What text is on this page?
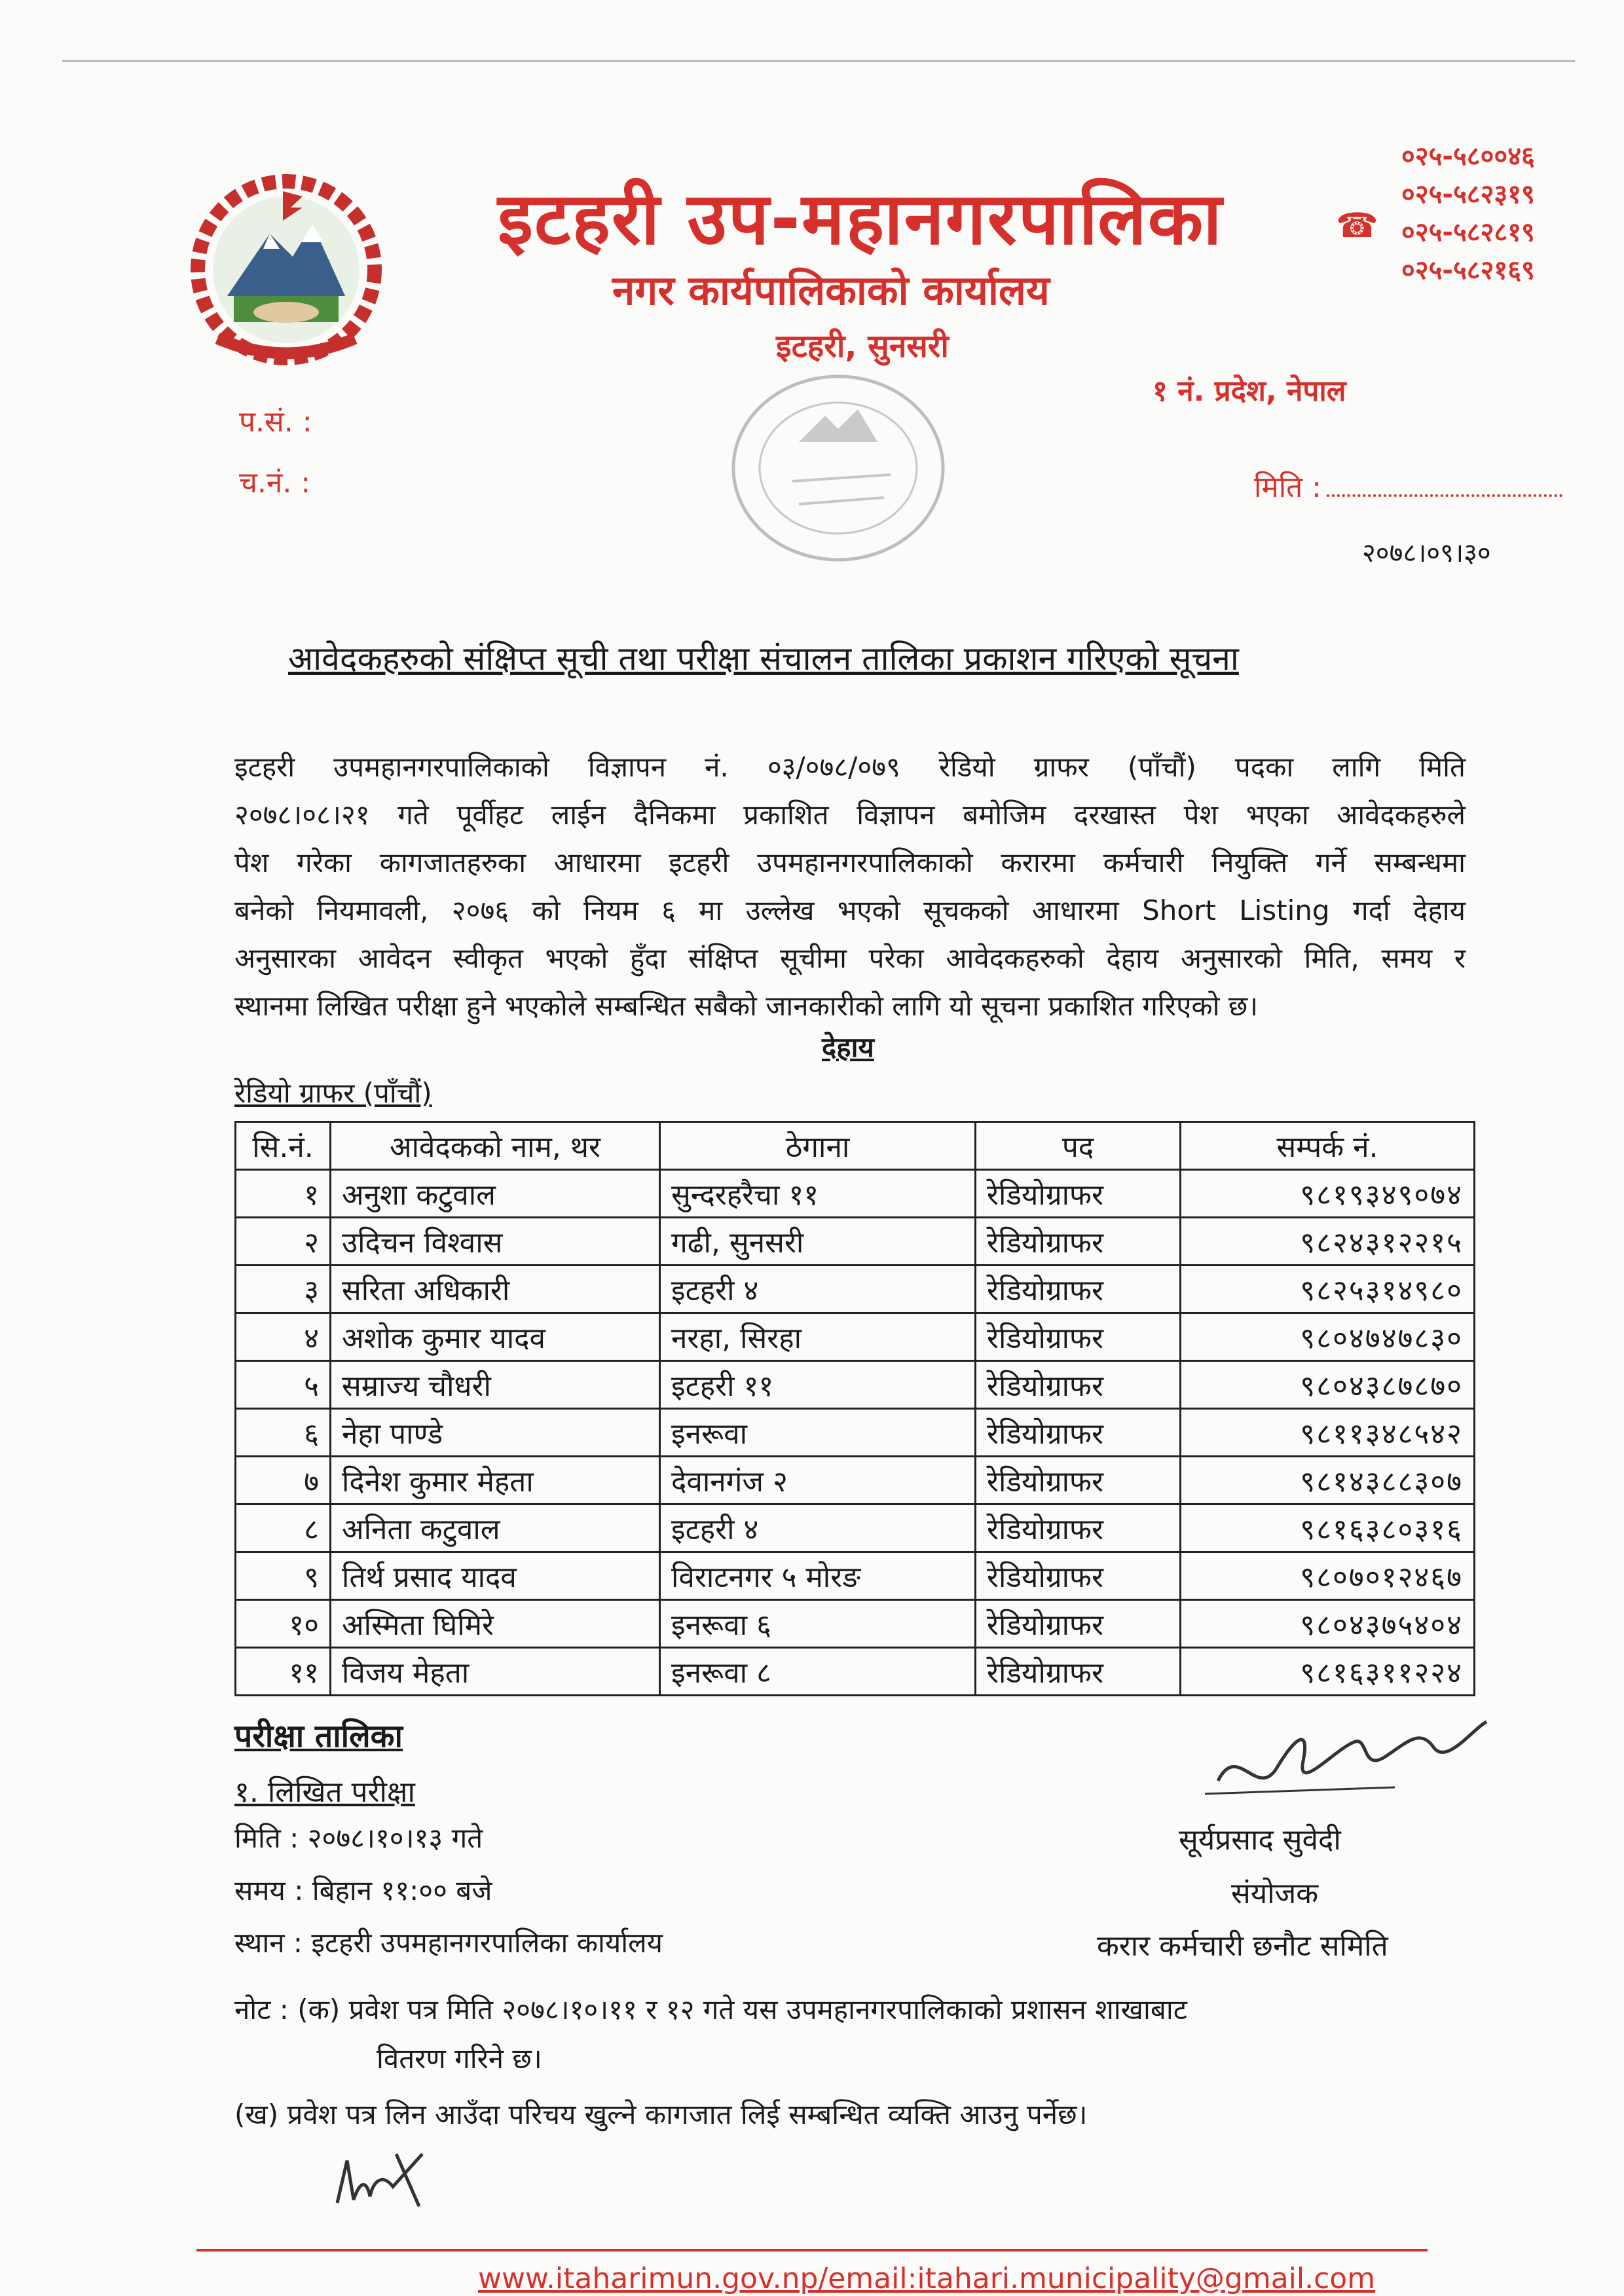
इटहरी उप-महानगरपालिका
नगर कार्यपालिकाको कार्यालय
इटहरी, सुनसरी
☎
०२५-५८००४६
०२५-५८२३१९
०२५-५८२८१९
०२५-५८२१६९
१ नं. प्रदेश, नेपाल
प.सं. :
च.नं. :	मिति :
२०७८।०९।३०
आवेदकहरुको संक्षिप्त सूची तथा परीक्षा संचालन तालिका प्रकाशन गरिएको सूचना
इटहरी उपमहानगरपालिकाको विज्ञापन नं. ०३/०७८/०७९ रेडियो ग्राफर (पाँचौं) पदका लागि मिति
२०७८।०८।२१ गते पूर्वीहट लाईन दैनिकमा प्रकाशित विज्ञापन बमोजिम दरखास्त पेश भएका आवेदकहरुले
पेश गरेका कागजातहरुका आधारमा इटहरी उपमहानगरपालिकाको करारमा कर्मचारी नियुक्ति गर्ने सम्बन्धमा
बनेको नियमावली, २०७६ को नियम ६ मा उल्लेख भएको सूचकको आधारमा Short Listing गर्दा देहाय
अनुसारका आवेदन स्वीकृत भएको हुँदा संक्षिप्त सूचीमा परेका आवेदकहरुको देहाय अनुसारको मिति, समय र
स्थानमा लिखित परीक्षा हुने भएकोले सम्बन्धित सबैको जानकारीको लागि यो सूचना प्रकाशित गरिएको छ।
देहाय
रेडियो ग्राफर (पाँचौं)
सि.नं.	आवेदकको नाम, थर	ठेगाना	पद	सम्पर्क नं.
१	अनुशा कटुवाल	सुन्दरहरैचा ११	रेडियोग्राफर	९८१९३४९०७४
२	उदिचन विश्वास	गढी, सुनसरी	रेडियोग्राफर	९८२४३१२२१५
३	सरिता अधिकारी	इटहरी ४	रेडियोग्राफर	९८२५३१४९८०
४	अशोक कुमार यादव	नरहा, सिरहा	रेडियोग्राफर	९८०४७४७८३०
५	सम्राज्य चौधरी	इटहरी ११	रेडियोग्राफर	९८०४३८७८७०
६	नेहा पाण्डे	इनरूवा	रेडियोग्राफर	९८११३४८५४२
७	दिनेश कुमार मेहता	देवानगंज २	रेडियोग्राफर	९८१४३८८३०७
८	अनिता कटुवाल	इटहरी ४	रेडियोग्राफर	९८१६३८०३१६
९	तिर्थ प्रसाद यादव	विराटनगर ५ मोरङ	रेडियोग्राफर	९८०७०१२४६७
१०	अस्मिता घिमिरे	इनरूवा ६	रेडियोग्राफर	९८०४३७५४०४
११	विजय मेहता	इनरूवा ८	रेडियोग्राफर	९८१६३११२२४
परीक्षा तालिका
१. लिखित परीक्षा
मिति : २०७८।१०।१३ गते
समय : बिहान ११:०० बजे
स्थान : इटहरी उपमहानगरपालिका कार्यालय
सूर्यप्रसाद सुवेदी
संयोजक
करार कर्मचारी छनौट समिति
नोट : (क) प्रवेश पत्र मिति २०७८।१०।११ र १२ गते यस उपमहानगरपालिकाको प्रशासन शाखाबाट
वितरण गरिने छ।
(ख) प्रवेश पत्र लिन आउँदा परिचय खुल्ने कागजात लिई सम्बन्धित व्यक्ति आउनु पर्नेछ।
www.itaharimun.gov.np/email:itahari.municipality@gmail.com
